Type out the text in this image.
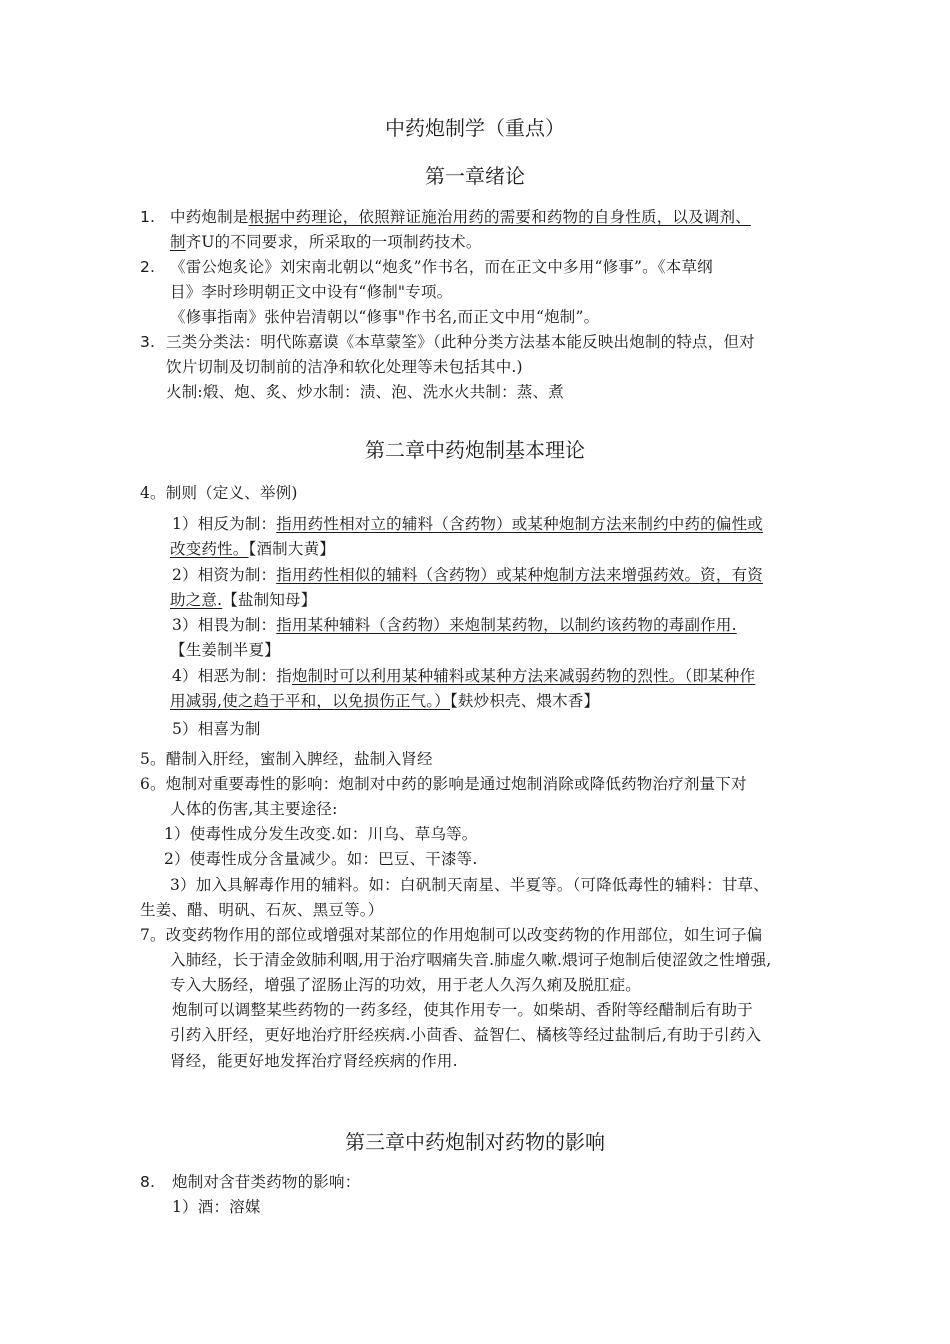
中药炮制学（重点）
第一章绪论
1. 中药炮制是根据中药理论，依照辩证施治用药的需要和药物的自身性质，以及调剂、
制齐U的不同要求，所采取的一项制药技术。
2. 《雷公炮炙论》刘宋南北朝以“炮炙”作书名，而在正文中多用“修事”。《本草纲
目》李时珍明朝正文中设有“修制"专项。
《修事指南》张仲岩清朝以“修事"作书名,而正文中用“炮制”。
3. 三类分类法：明代陈嘉谟《本草蒙筌》（此种分类方法基本能反映出炮制的特点，但对
饮片切制及切制前的洁净和软化处理等未包括其中.)
火制:煅、炮、炙、炒水制：渍、泡、洗水火共制：蒸、煮
第二章中药炮制基本理论
4。制则（定义、举例)
1）相反为制：指用药性相对立的辅料（含药物）或某种炮制方法来制约中药的偏性或
改变药性。【酒制大黄】
2）相资为制：指用药性相似的辅料（含药物）或某种炮制方法来增强药效。资，有资
助之意.【盐制知母】
3）相畏为制：指用某种辅料（含药物）来炮制某药物，以制约该药物的毒副作用.
【生姜制半夏】
4）相恶为制：指炮制时可以利用某种辅料或某种方法来减弱药物的烈性。（即某种作
用减弱,使之趋于平和，以免损伤正气。）【麸炒枳壳、煨木香】
5）相喜为制
5。醋制入肝经，蜜制入脾经，盐制入肾经
6。炮制对重要毒性的影响：炮制对中药的影响是通过炮制消除或降低药物治疗剂量下对
人体的伤害,其主要途径:
1）使毒性成分发生改变.如：川乌、草乌等。
2）使毒性成分含量减少。如：巴豆、干漆等.
3）加入具解毒作用的辅料。如：白矾制天南星、半夏等。（可降低毒性的辅料：甘草、
生姜、醋、明矾、石灰、黑豆等。）
7。改变药物作用的部位或增强对某部位的作用炮制可以改变药物的作用部位，如生诃子偏
入肺经，长于清金敛肺利咽,用于治疗咽痛失音.肺虚久嗽.煨诃子炮制后使涩敛之性增强,
专入大肠经，增强了涩肠止泻的功效，用于老人久泻久痢及脱肛症。
炮制可以调整某些药物的一药多经，使其作用专一。如柴胡、香附等经醋制后有助于
引药入肝经，更好地治疗肝经疾病.小茴香、益智仁、橘核等经过盐制后,有助于引药入
肾经，能更好地发挥治疗肾经疾病的作用.
第三章中药炮制对药物的影响
8. 炮制对含苷类药物的影响：
1）酒：溶媒
